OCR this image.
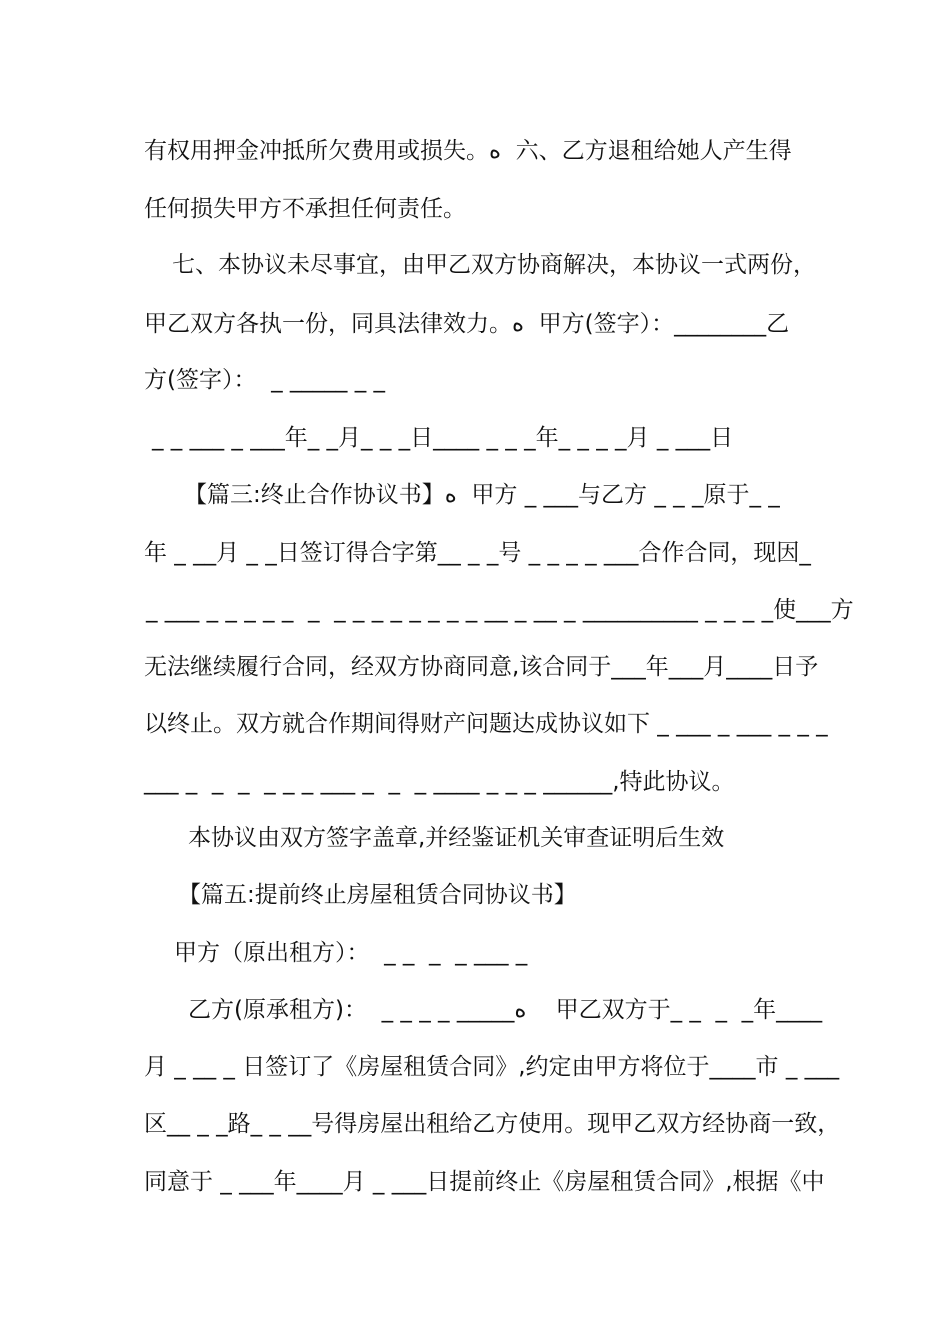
有权用押金冲抵所欠费用或损失。ﻩ  六、乙方退租给她人产生得
任何损失甲方不承担任何责任。
七、本协议未尽事宜，由甲乙双方协商解决，本协议一式两份，
甲乙双方各执一份，同具法律效力。ﻩ  甲方(签字）：________乙
方(签字）：  _ _____ _ _
_ _ ___ _ ___年_ _月_ _ _日____ _ _ _年_ _ _ _月 _ ___日
【篇三:终止合作协议书】ﻩ  甲方 _ ___与乙方 _ _ _原于_ _
年 _ __月 _ _日签订得合字第__ _ _号 _ _ _ _ ___合作合同，现因_
_ ___ _ _ _ _ _  _  _ _ _ _ _ _ _ _ __ _ __ _ __________ _ _ _ _使___方
无法继续履行合同，经双方协商同意,该合同于___年___月____日予
以终止。双方就合作期间得财产问题达成协议如下 _ ___ _ ___ _ _ _
___ _  _  _  _ _ _ ___ _  _  _ ____ _ _ _ ______,特此协议。
本协议由双方签字盖章,并经鉴证机关审查证明后生效
【篇五:提前终止房屋租赁合同协议书】
甲方（原出租方）：  _ _  _  _ ___ _
乙方(原承租方)：  _ _ _ _ _____ﻩ    甲乙双方于_ _  _  _年____
月 _ __ _ 日签订了《房屋租赁合同》,约定由甲方将位于____市 _ ___
区__ _ _路_ _ __号得房屋出租给乙方使用。现甲乙双方经协商一致，
同意于 _ ___年____月 _ ___日提前终止《房屋租赁合同》,根据《中
